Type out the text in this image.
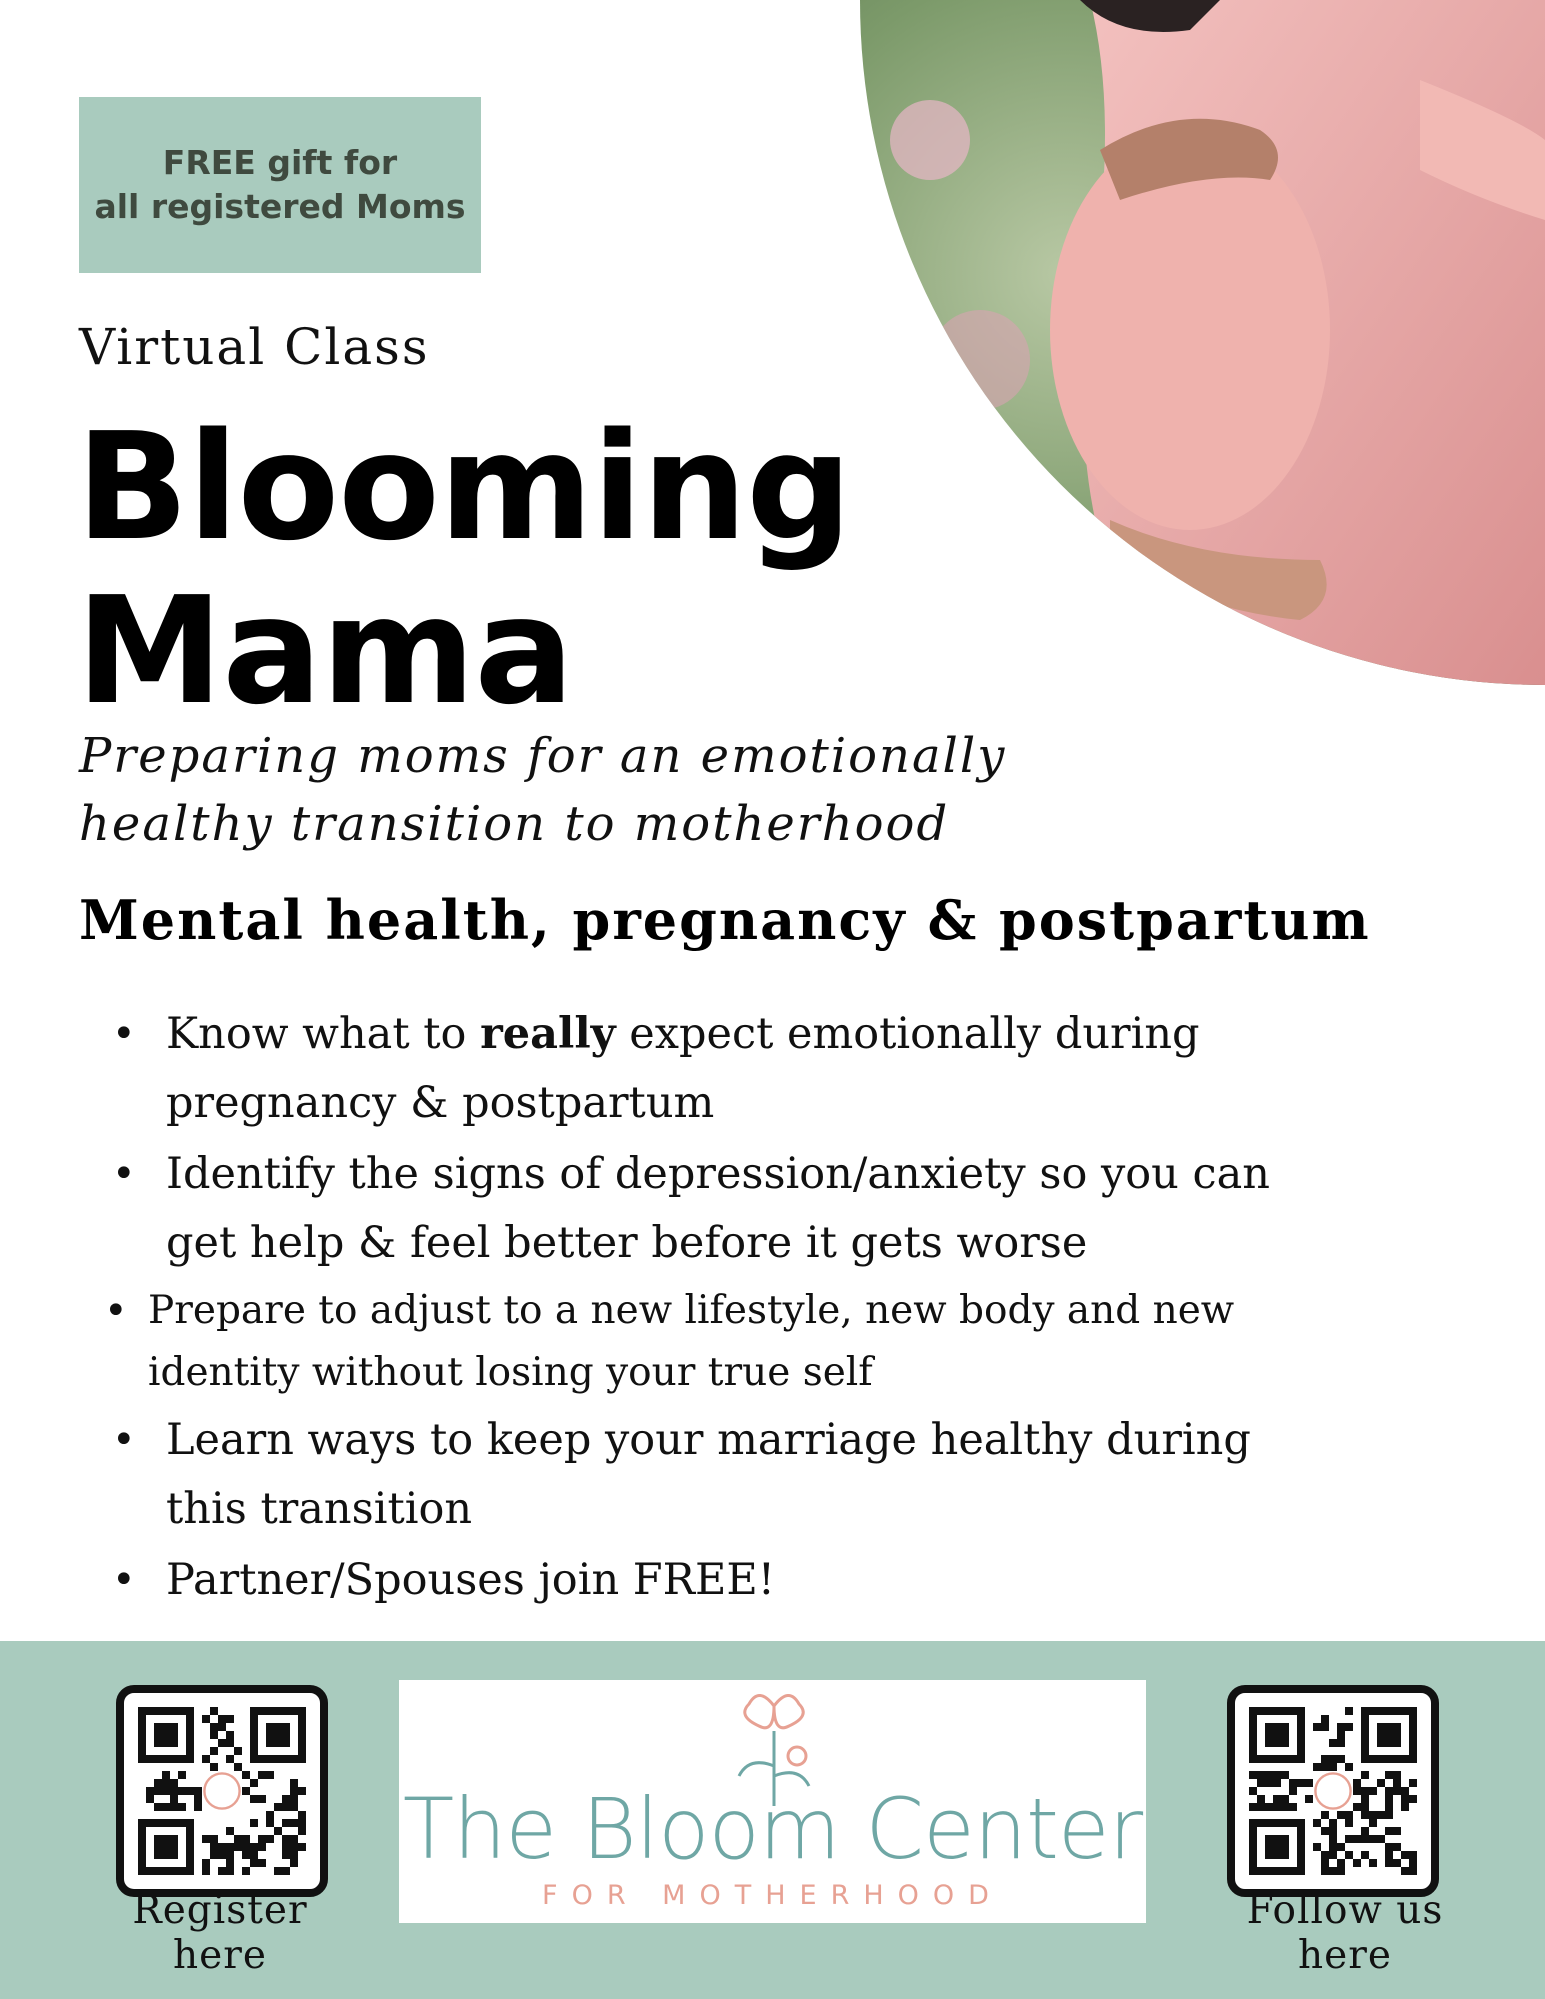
FREE gift for
all registered Moms
Virtual Class
Blooming
Mama
Preparing moms for an emotionally
healthy transition to motherhood
Mental health, pregnancy & postpartum
• Know what to really expect emotionally during pregnancy & postpartum
• Identify the signs of depression/anxiety so you can get help & feel better before it gets worse
• Prepare to adjust to a new lifestyle, new body and new identity without losing your true self
• Learn ways to keep your marriage healthy during this transition
• Partner/Spouses join FREE!
Register here
The Bloom Center
FOR MOTHERHOOD	Follow us here
